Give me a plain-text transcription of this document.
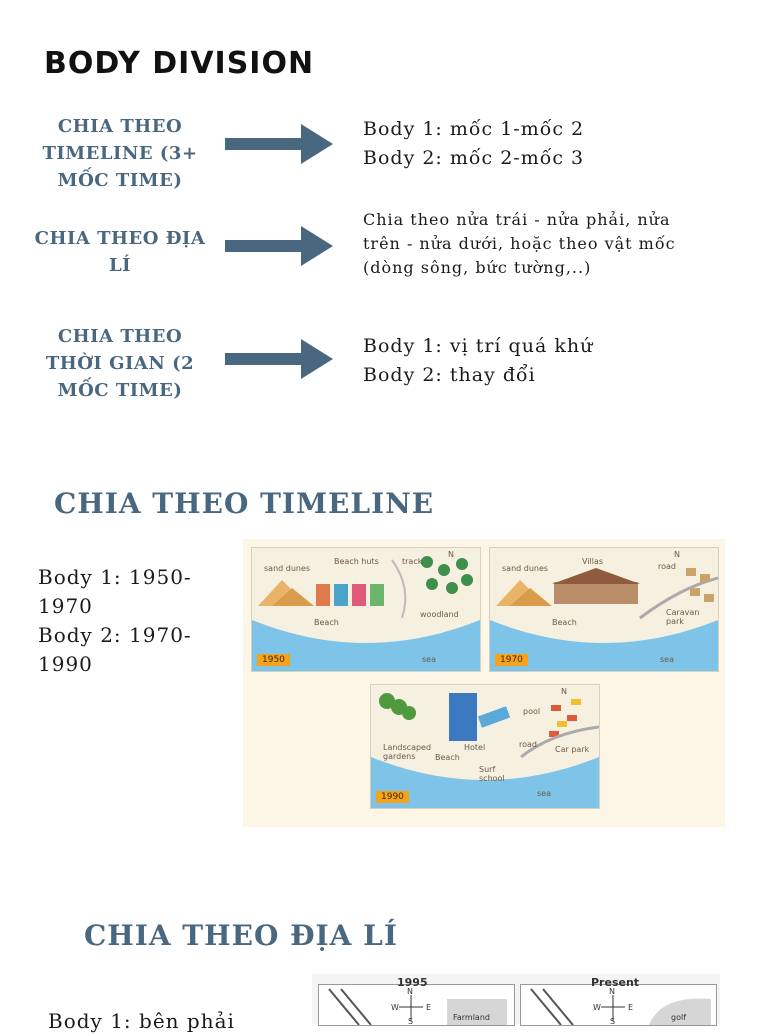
BODY DIVISION
CHIA THEO TIMELINE (3+ MỐC TIME)
Body 1: mốc 1-mốc 2
Body 2: mốc 2-mốc 3
CHIA THEO ĐỊA LÍ
Chia theo nửa trái - nửa phải, nửa trên - nửa dưới, hoặc theo vật mốc (dòng sông, bức tường,..)
CHIA THEO THỜI GIAN (2 MỐC TIME)
Body 1: vị trí quá khứ
Body 2: thay đổi
CHIA THEO TIMELINE
Body 1: 1950-
1970
Body 2: 1970-
1990
sand dunes
Beach huts	track
N
woodland
Beach
sea
1950
sand dunes
Villas
road
N
Caravan park
Beach
sea
1970
Landscaped gardens
Hotel
pool
N
road
Car park
Beach
Surf school
sea
1990
CHIA THEO ĐỊA LÍ
Body 1: bên phải
1995
N
W	E
S	Farmland
Present
N
W	E
S	golf
